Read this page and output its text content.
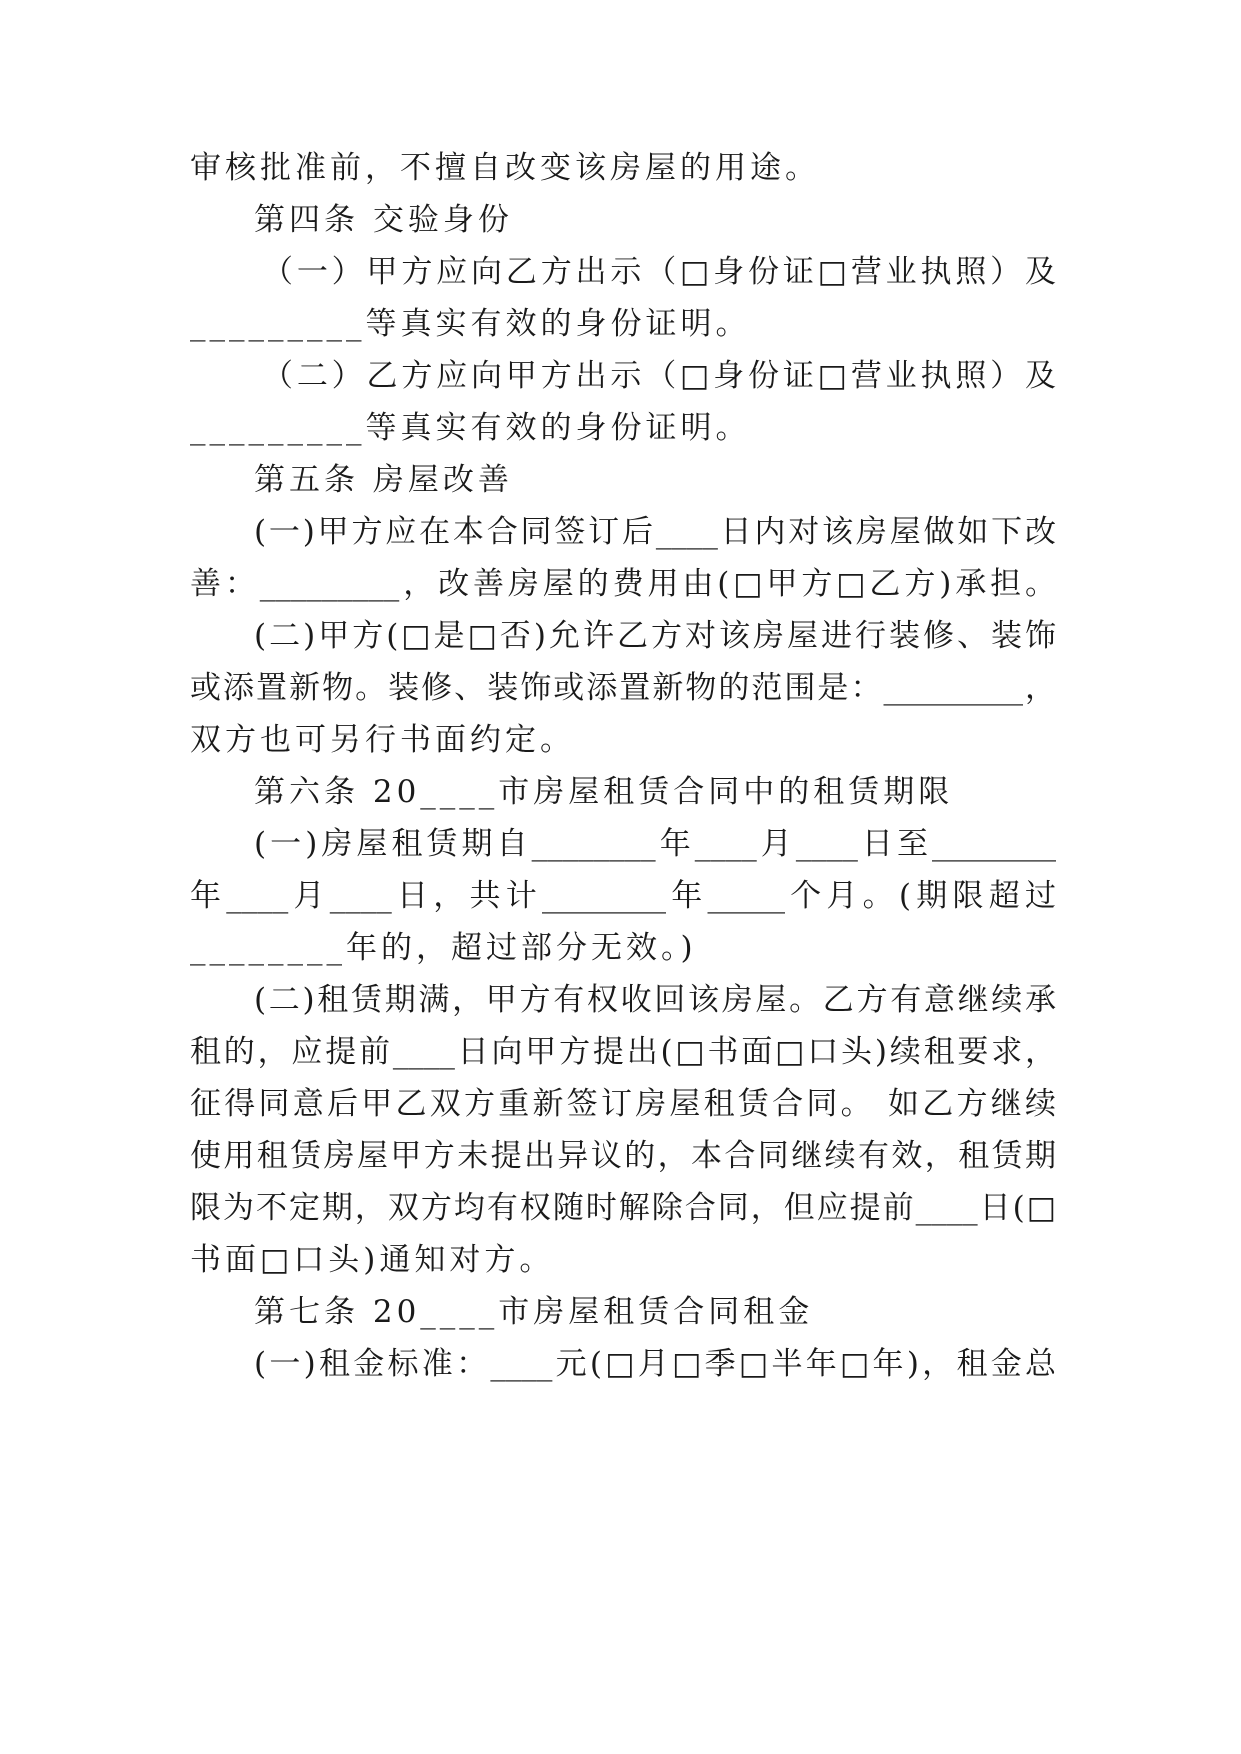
审核批准前，不擅自改变该房屋的用途。
第四条 交验身份
（一）甲方应向乙方出示（□身份证□营业执照）及
_________等真实有效的身份证明。
（二）乙方应向甲方出示（□身份证□营业执照）及
_________等真实有效的身份证明。
第五条 房屋改善
(一)甲方应在本合同签订后____日内对该房屋做如下改
善：_________，改善房屋的费用由(□甲方□乙方)承担。
(二)甲方(□是□否)允许乙方对该房屋进行装修、装饰
或添置新物。装修、装饰或添置新物的范围是：_________，
双方也可另行书面约定。
第六条 20____市房屋租赁合同中的租赁期限
(一)房屋租赁期自________年____月____日至________
年____月____日，共计________年_____个月。(期限超过
________年的，超过部分无效。)
(二)租赁期满，甲方有权收回该房屋。乙方有意继续承
租的，应提前____日向甲方提出(□书面□口头)续租要求，
征得同意后甲乙双方重新签订房屋租赁合同。 如乙方继续
使用租赁房屋甲方未提出异议的，本合同继续有效，租赁期
限为不定期，双方均有权随时解除合同，但应提前____日(□
书面□口头)通知对方。
第七条 20____市房屋租赁合同租金
(一)租金标准：____元(□月□季□半年□年)，租金总
